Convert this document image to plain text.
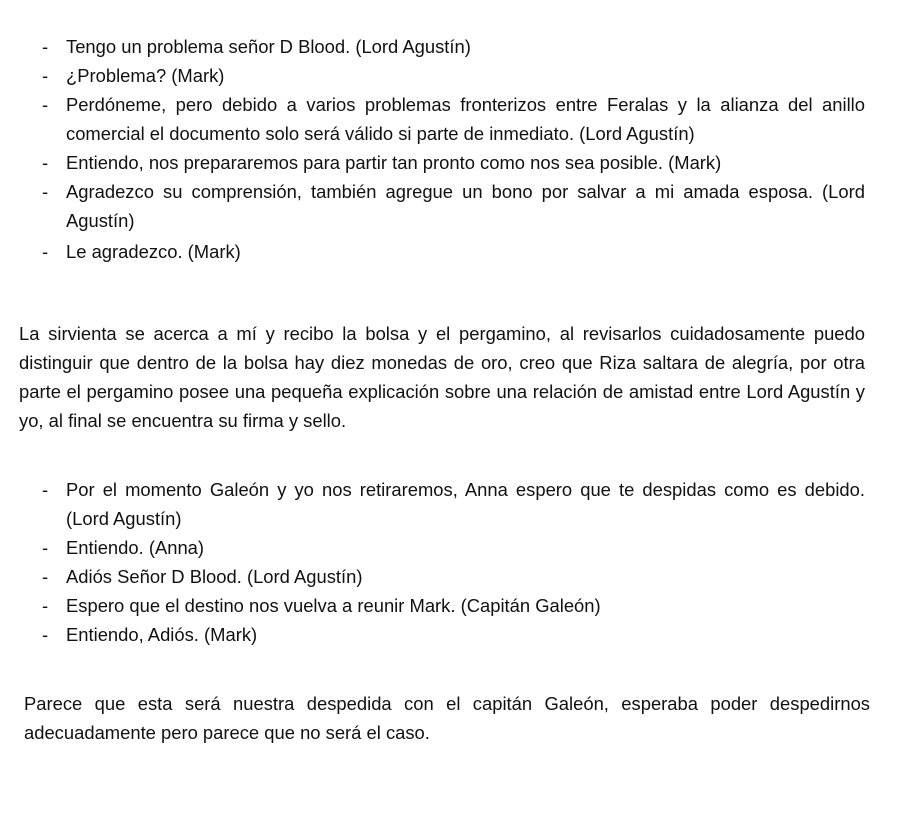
- Tengo un problema señor D Blood. (Lord Agustín)
- ¿Problema? (Mark)
- Perdóneme, pero debido a varios problemas fronterizos entre Feralas y la alianza del anillo comercial el documento solo será válido si parte de inmediato. (Lord Agustín)
- Entiendo, nos prepararemos para partir tan pronto como nos sea posible. (Mark)
- Agradezco su comprensión, también agregue un bono por salvar a mi amada esposa. (Lord Agustín)
- Le agradezco. (Mark)

La sirvienta se acerca a mí y recibo la bolsa y el pergamino, al revisarlos cuidadosamente puedo distinguir que dentro de la bolsa hay diez monedas de oro, creo que Riza saltara de alegría, por otra parte el pergamino posee una pequeña explicación sobre una relación de amistad entre Lord Agustín y yo, al final se encuentra su firma y sello.

- Por el momento Galeón y yo nos retiraremos, Anna espero que te despidas como es debido. (Lord Agustín)
- Entiendo. (Anna)
- Adiós Señor D Blood. (Lord Agustín)
- Espero que el destino nos vuelva a reunir Mark. (Capitán Galeón)
- Entiendo, Adiós. (Mark)

Parece que esta será nuestra despedida con el capitán Galeón, esperaba poder despedirnos adecuadamente pero parece que no será el caso.
